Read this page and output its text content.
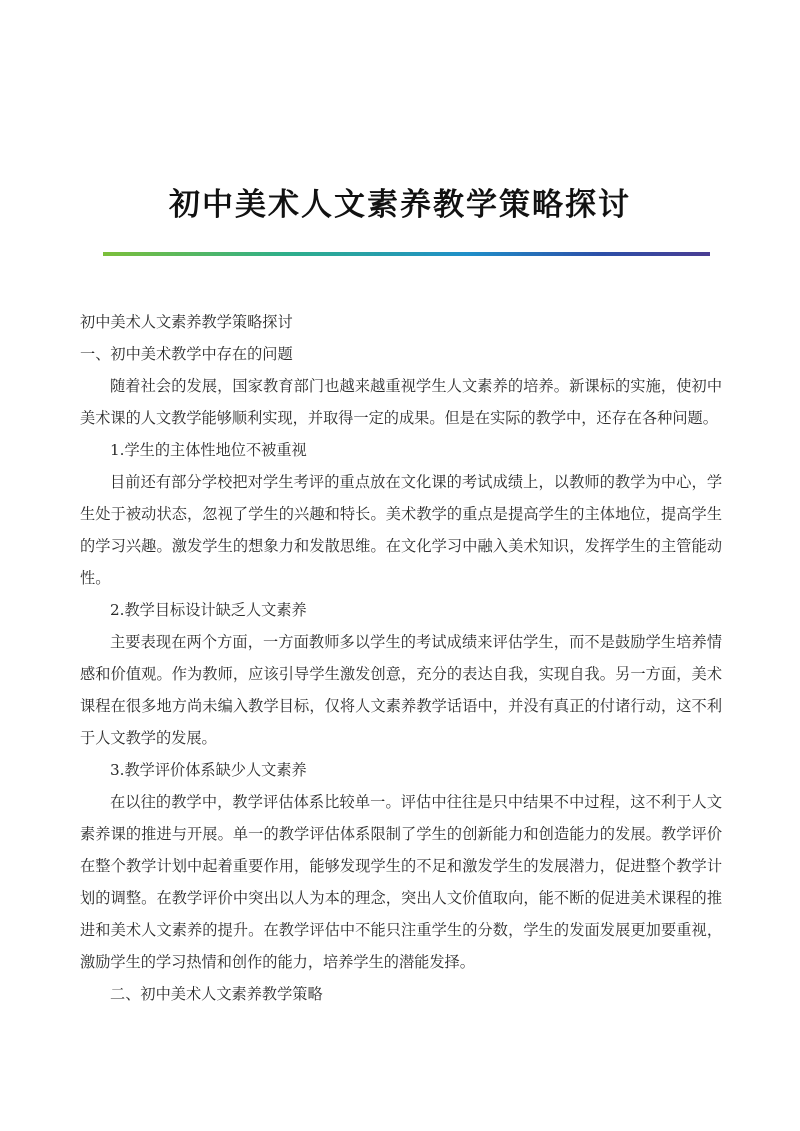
初中美术人文素养教学策略探讨

初中美术人文素养教学策略探讨

一、初中美术教学中存在的问题

随着社会的发展，国家教育部门也越来越重视学生人文素养的培养。新课标的实施，使初中美术课的人文教学能够顺利实现，并取得一定的成果。但是在实际的教学中，还存在各种问题。

1.学生的主体性地位不被重视

目前还有部分学校把对学生考评的重点放在文化课的考试成绩上，以教师的教学为中心，学生处于被动状态，忽视了学生的兴趣和特长。美术教学的重点是提高学生的主体地位，提高学生的学习兴趣。激发学生的想象力和发散思维。在文化学习中融入美术知识，发挥学生的主管能动性。

2.教学目标设计缺乏人文素养

主要表现在两个方面，一方面教师多以学生的考试成绩来评估学生，而不是鼓励学生培养情感和价值观。作为教师，应该引导学生激发创意，充分的表达自我，实现自我。另一方面，美术课程在很多地方尚未编入教学目标，仅将人文素养教学话语中，并没有真正的付诸行动，这不利于人文教学的发展。

3.教学评价体系缺少人文素养

在以往的教学中，教学评估体系比较单一。评估中往往是只中结果不中过程，这不利于人文素养课的推进与开展。单一的教学评估体系限制了学生的创新能力和创造能力的发展。教学评价在整个教学计划中起着重要作用，能够发现学生的不足和激发学生的发展潜力，促进整个教学计划的调整。在教学评价中突出以人为本的理念，突出人文价值取向，能不断的促进美术课程的推进和美术人文素养的提升。在教学评估中不能只注重学生的分数，学生的发面发展更加要重视，激励学生的学习热情和创作的能力，培养学生的潜能发择。

二、初中美术人文素养教学策略
